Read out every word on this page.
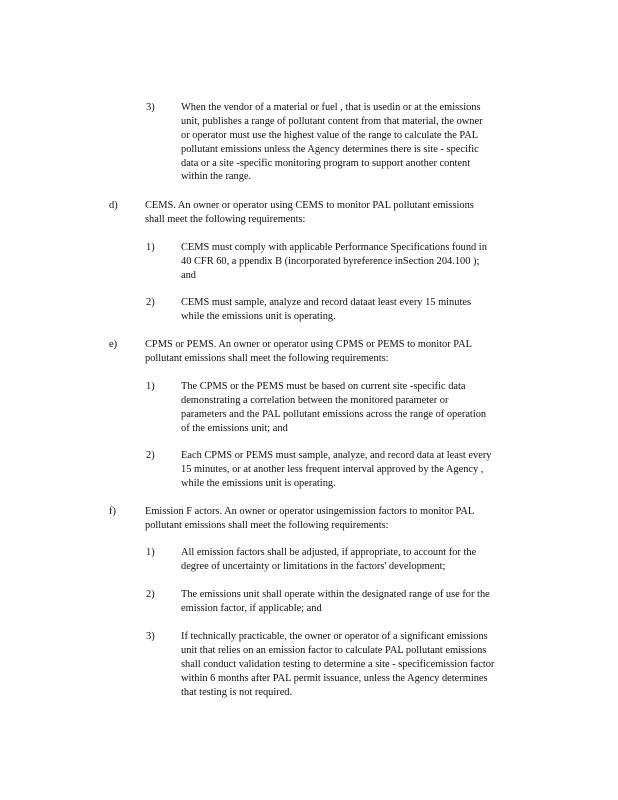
3)	When the vendor of a material or fuel , that is usedin or at the emissions
unit, publishes a range of pollutant content from that material, the owner
or operator must use the highest value of the range to calculate the PAL
pollutant emissions unless the Agency determines there is site - specific
data or a site -specific monitoring program to support another content
within the range.
d)	CEMS. An owner or operator using CEMS to monitor PAL pollutant emissions
shall meet the following requirements:
1)	CEMS must comply with applicable Performance Specifications found in
40 CFR 60, a ppendix B (incorporated byreference inSection 204.100 );
and
2)	CEMS must sample, analyze and record dataat least every 15 minutes
while the emissions unit is operating.
e)	CPMS or PEMS. An owner or operator using CPMS or PEMS to monitor PAL
pollutant emissions shall meet the following requirements:
1)	The CPMS or the PEMS must be based on current site -specific data
demonstrating a correlation between the monitored parameter or
parameters and the PAL pollutant emissions across the range of operation
of the emissions unit; and
2)	Each CPMS or PEMS must sample, analyze, and record data at least every
15 minutes, or at another less frequent interval approved by the Agency ,
while the emissions unit is operating.
f)	Emission F actors. An owner or operator usingemission factors to monitor PAL
pollutant emissions shall meet the following requirements:
1)	All emission factors shall be adjusted, if appropriate, to account for the
degree of uncertainty or limitations in the factors' development;
2)	The emissions unit shall operate within the designated range of use for the
emission factor, if applicable; and
3)	If technically practicable, the owner or operator of a significant emissions
unit that relies on an emission factor to calculate PAL pollutant emissions
shall conduct validation testing to determine a site - specificemission factor
within 6 months after PAL permit issuance, unless the Agency determines
that testing is not required.
